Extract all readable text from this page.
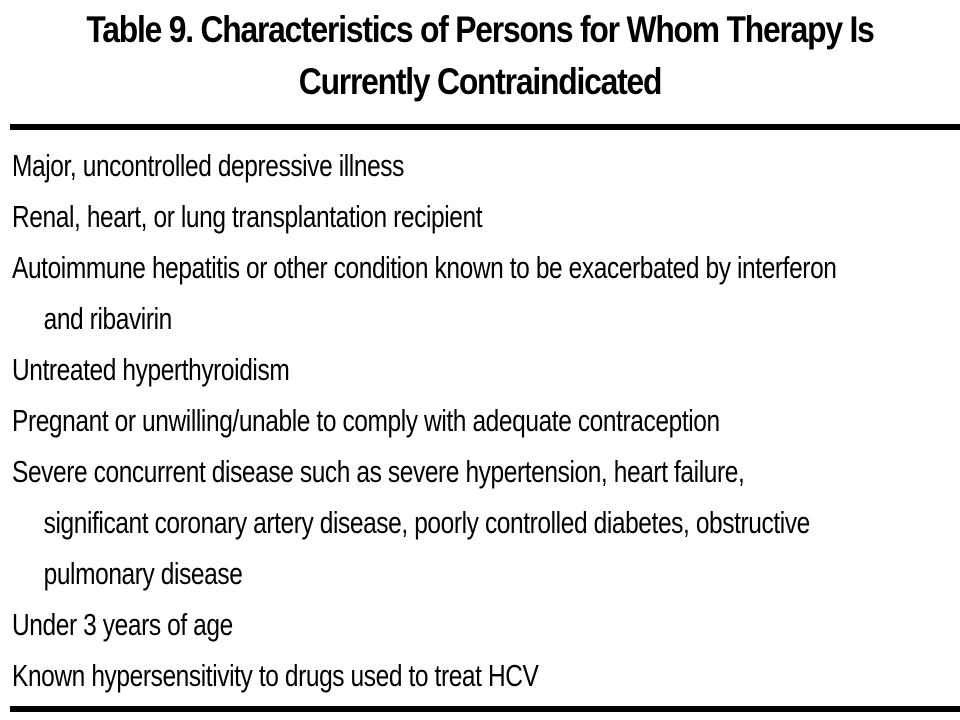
Table 9. Characteristics of Persons for Whom Therapy Is
Currently Contraindicated
Major, uncontrolled depressive illness
Renal, heart, or lung transplantation recipient
Autoimmune hepatitis or other condition known to be exacerbated by interferon
and ribavirin
Untreated hyperthyroidism
Pregnant or unwilling/unable to comply with adequate contraception
Severe concurrent disease such as severe hypertension, heart failure,
significant coronary artery disease, poorly controlled diabetes, obstructive
pulmonary disease
Under 3 years of age
Known hypersensitivity to drugs used to treat HCV
